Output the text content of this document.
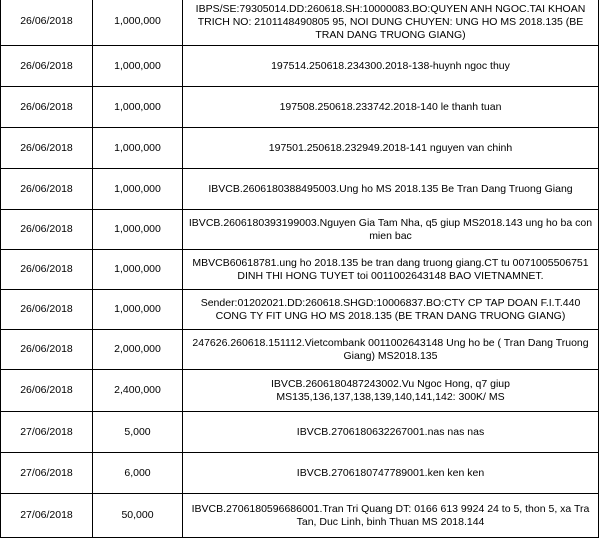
26/06/2018	1,000,000	IBPS/SE:79305014.DD:260618.SH:10000083.BO:QUYEN ANH NGOC.TAI KHOAN TRICH NO: 2101148490805 95, NOI DUNG CHUYEN: UNG HO MS 2018.135 (BE TRAN DANG TRUONG GIANG)
26/06/2018	1,000,000	197514.250618.234300.2018-138-huynh ngoc thuy
26/06/2018	1,000,000	197508.250618.233742.2018-140 le thanh tuan
26/06/2018	1,000,000	197501.250618.232949.2018-141 nguyen van chinh
26/06/2018	1,000,000	IBVCB.2606180388495003.Ung ho MS 2018.135 Be Tran Dang Truong Giang
26/06/2018	1,000,000	IBVCB.2606180393199003.Nguyen Gia Tam Nha, q5 giup MS2018.143 ung ho ba con mien bac
26/06/2018	1,000,000	MBVCB60618781.ung ho 2018.135 be tran dang truong giang.CT tu 0071005506751 DINH THI HONG TUYET toi 0011002643148 BAO VIETNAMNET.
26/06/2018	1,000,000	Sender:01202021.DD:260618.SHGD:10006837.BO:CTY CP TAP DOAN F.I.T.440 CONG TY FIT UNG HO MS 2018.135 (BE TRAN DANG TRUONG GIANG)
26/06/2018	2,000,000	247626.260618.151112.Vietcombank 0011002643148 Ung ho be ( Tran Dang Truong Giang) MS2018.135
26/06/2018	2,400,000	IBVCB.2606180487243002.Vu Ngoc Hong, q7 giup MS135,136,137,138,139,140,141,142: 300K/ MS
27/06/2018	5,000	IBVCB.2706180632267001.nas nas nas
27/06/2018	6,000	IBVCB.2706180747789001.ken ken ken
27/06/2018	50,000	IBVCB.2706180596686001.Tran Tri Quang DT: 0166 613 9924 24 to 5, thon 5, xa Tra Tan, Duc Linh, binh Thuan MS 2018.144
